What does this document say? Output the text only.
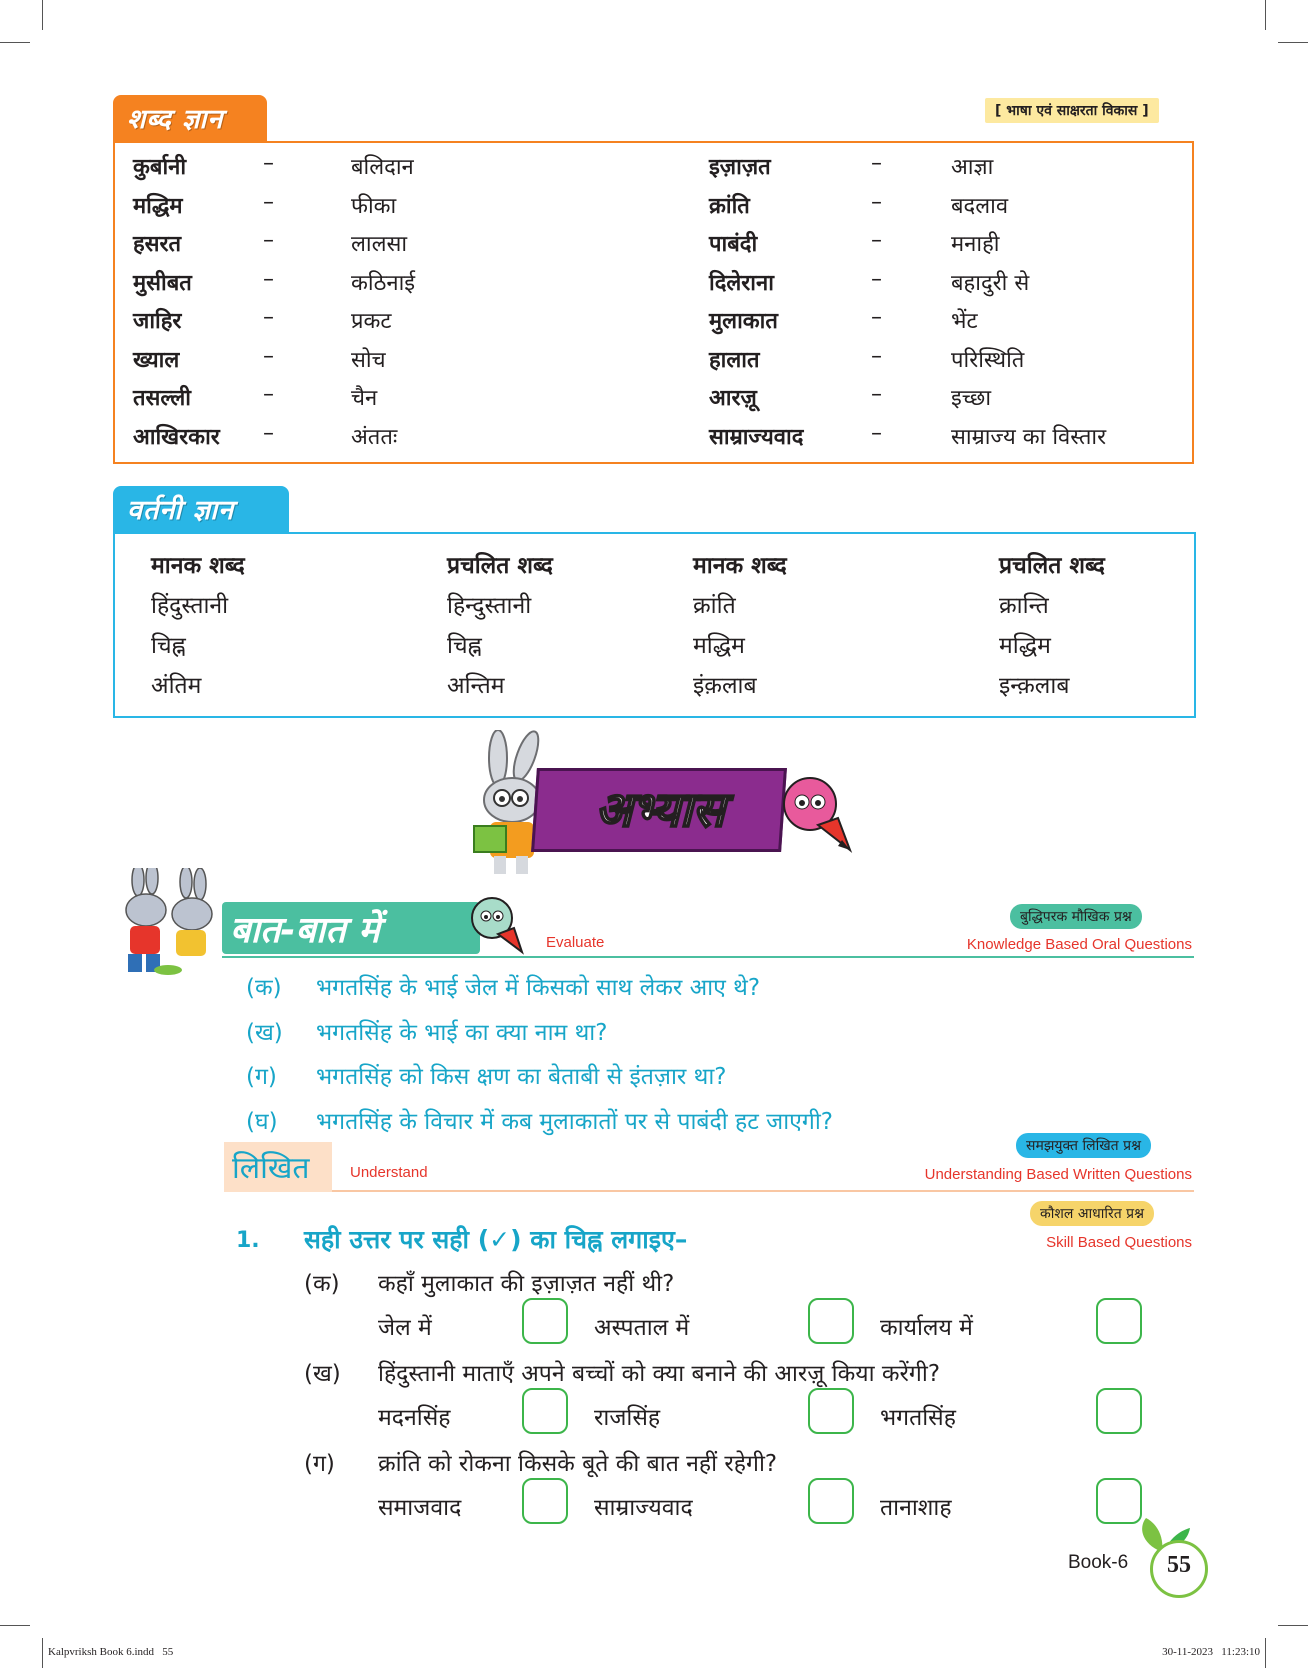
[ भाषा एवं साक्षरता विकास ]
कुर्बानी	–	बलिदान	इज़ाज़त	–	आज्ञा
मद्धिम	–	फीका	क्रांति	–	बदलाव
हसरत	–	लालसा	पाबंदी	–	मनाही
मुसीबत	–	कठिनाई	दिलेराना	–	बहादुरी से
जाहिर	–	प्रकट	मुलाकात	–	भेंट
ख्याल	–	सोच	हालात	–	परिस्थिति
तसल्ली	–	चैन	आरज़ू	–	इच्छा
आखिरकार –	अंततः	साम्राज्यवाद	–	साम्राज्य का विस्तार
शब्द ज्ञान
मानक शब्द	प्रचलित शब्द	मानक शब्द	प्रचलित शब्द
हिंदुस्तानी	हिन्दुस्तानी	क्रांति	क्रान्ति
चिह्न	चिह्न	मद्धिम	मद्धिम
अंतिम	अन्तिम	इंक़लाब	इन्क़लाब
वर्तनी ज्ञान
अभ्यास
बात-बात में	Evaluate
बुद्धिपरक मौखिक प्रश्न
Knowledge Based Oral Questions
(क) भगतसिंह के भाई जेल में किसको साथ लेकर आए थे?
(ख) भगतसिंह के भाई का क्या नाम था?
(ग) भगतसिंह को किस क्षण का बेताबी से इंतज़ार था?
(घ) भगतसिंह के विचार में कब मुलाकातों पर से पाबंदी हट जाएगी?
लिखित	Understand
समझयुक्त लिखित प्रश्न
Understanding Based Written Questions
कौशल आधारित प्रश्न
Skill Based Questions
1. सही उत्तर पर सही (✓) का चिह्न लगाइए–
(क) कहाँ मुलाकात की इज़ाज़त नहीं थी?
जेल में	अस्पताल में	कार्यालय में
(ख) हिंदुस्तानी माताएँ अपने बच्चों को क्या बनाने की आरज़ू किया करेंगी?
मदनसिंह	राजसिंह	भगतसिंह
(ग) क्रांति को रोकना किसके बूते की बात नहीं रहेगी?
समाजवाद	साम्राज्यवाद	तानाशाह
Book-6	55
Kalpvriksh Book 6.indd   55	30-11-2023   11:23:10
